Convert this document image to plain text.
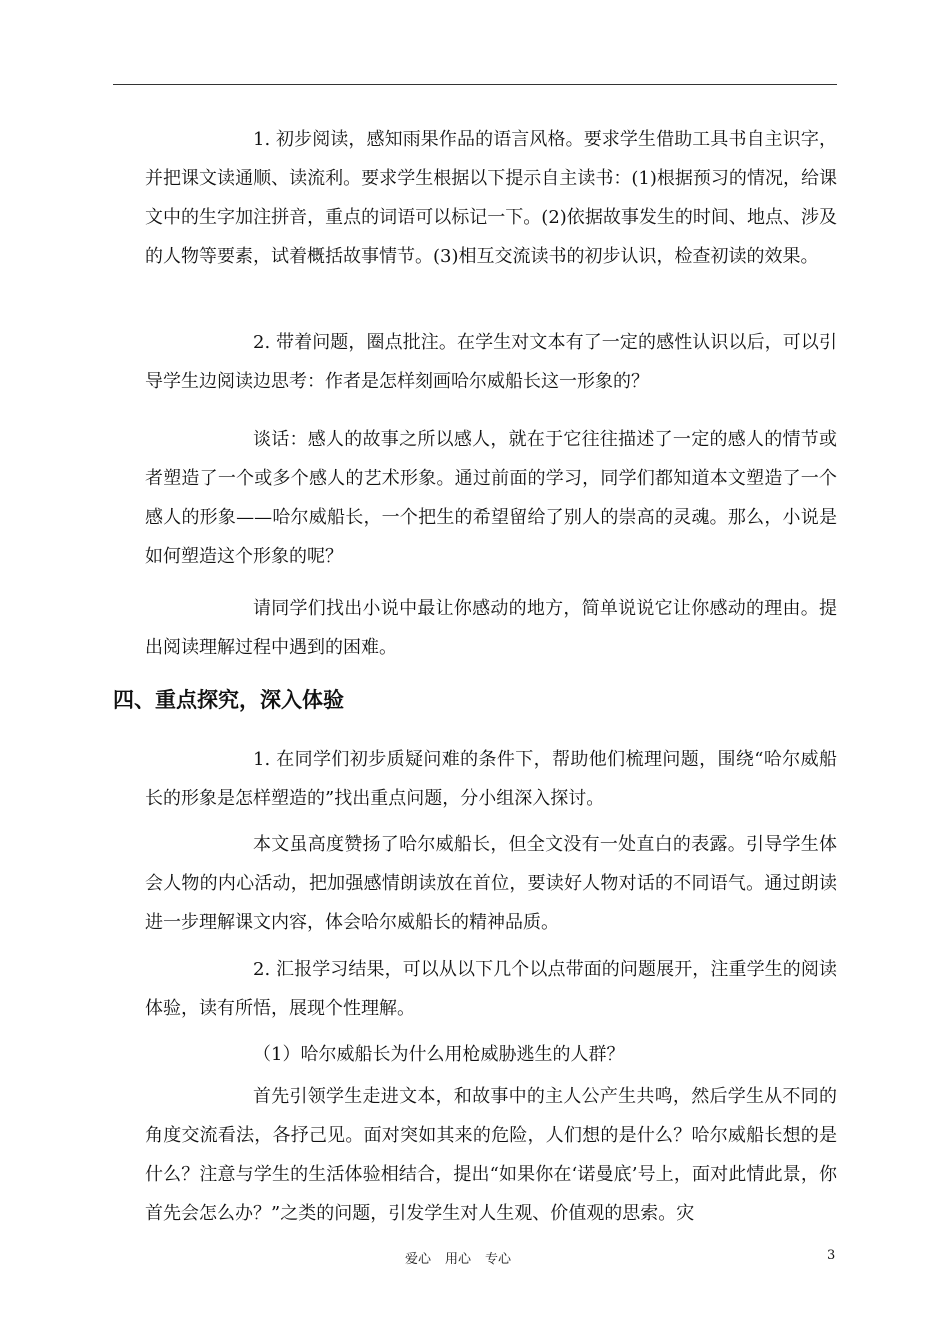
1. 初步阅读，感知雨果作品的语言风格。要求学生借助工具书自主识字，并把课文读通顺、读流利。要求学生根据以下提示自主读书：(1)根据预习的情况，给课文中的生字加注拼音，重点的词语可以标记一下。(2)依据故事发生的时间、地点、涉及的人物等要素，试着概括故事情节。(3)相互交流读书的初步认识，检查初读的效果。

2. 带着问题，圈点批注。在学生对文本有了一定的感性认识以后，可以引导学生边阅读边思考：作者是怎样刻画哈尔威船长这一形象的？

谈话：感人的故事之所以感人，就在于它往往描述了一定的感人的情节或者塑造了一个或多个感人的艺术形象。通过前面的学习，同学们都知道本文塑造了一个感人的形象——哈尔威船长，一个把生的希望留给了别人的崇高的灵魂。那么，小说是如何塑造这个形象的呢？

请同学们找出小说中最让你感动的地方，简单说说它让你感动的理由。提出阅读理解过程中遇到的困难。

四、重点探究，深入体验

1. 在同学们初步质疑问难的条件下，帮助他们梳理问题，围绕“哈尔威船长的形象是怎样塑造的”找出重点问题，分小组深入探讨。

本文虽高度赞扬了哈尔威船长，但全文没有一处直白的表露。引导学生体会人物的内心活动，把加强感情朗读放在首位，要读好人物对话的不同语气。通过朗读进一步理解课文内容，体会哈尔威船长的精神品质。

2. 汇报学习结果，可以从以下几个以点带面的问题展开，注重学生的阅读体验，读有所悟，展现个性理解。

（1）哈尔威船长为什么用枪威胁逃生的人群？

首先引领学生走进文本，和故事中的主人公产生共鸣，然后学生从不同的角度交流看法，各抒己见。面对突如其来的危险，人们想的是什么？哈尔威船长想的是什么？注意与学生的生活体验相结合，提出“如果你在‘诺曼底’号上，面对此情此景，你首先会怎么办？”之类的问题，引发学生对人生观、价值观的思索。灾

爱心 用心 专心	3
